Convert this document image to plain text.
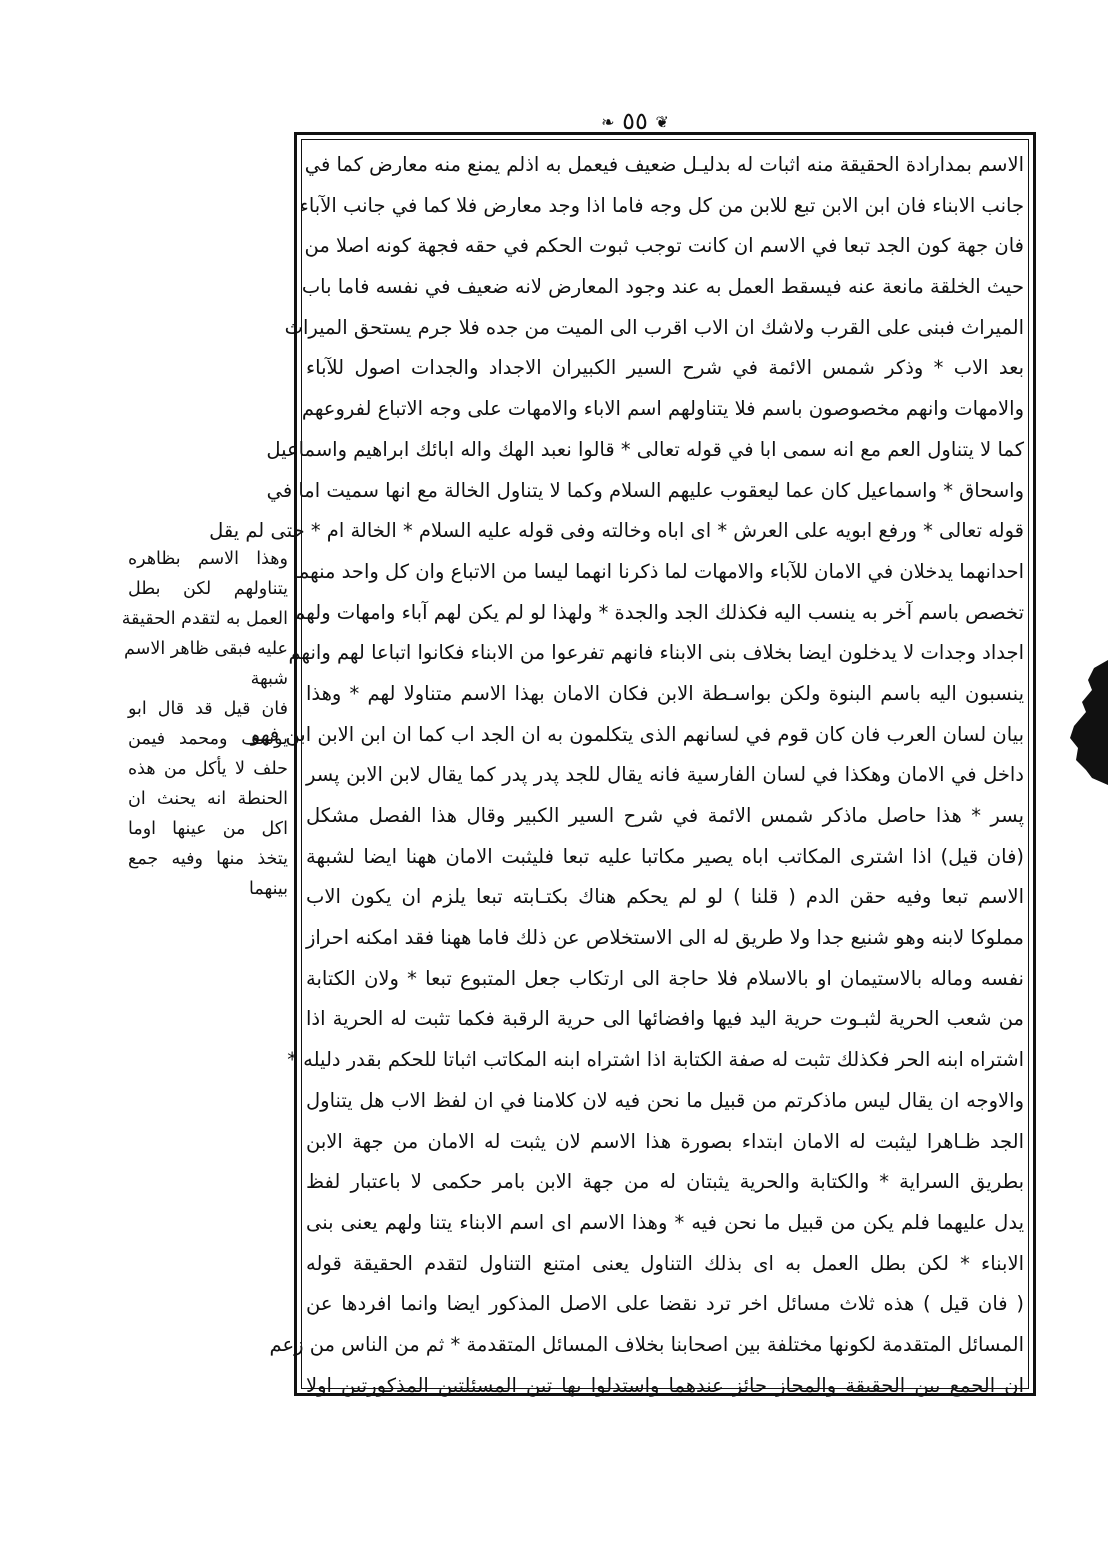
❦ ٥٥ ❧
الاسم بمدارادة الحقيقة منه اثبات له بدليـل ضعيف فيعمل به اذلم يمنع منه معارض كما في
جانب الابناء فان ابن الابن تبع للابن من كل وجه فاما اذا وجد معارض فلا كما في جانب الآباء
فان جهة كون الجد تبعا في الاسم ان كانت توجب ثبوت الحكم في حقه فجهة كونه اصلا من
حيث الخلقة مانعة عنه فيسقط العمل به عند وجود المعارض لانه ضعيف في نفسه فاما باب
الميراث فبنى على القرب ولاشك ان الاب اقرب الى الميت من جده فلا جرم يستحق الميراث
بعد الاب * وذكر شمس الائمة في شرح السير الكبيران الاجداد والجدات اصول للآباء
والامهات وانهم مخصوصون باسم فلا يتناولهم اسم الاباء والامهات على وجه الاتباع لفروعهم
كما لا يتناول العم مع انه سمى ابا في قوله تعالى * قالوا نعبد الهك واله ابائك ابراهيم واسماعيل
واسحاق * واسماعيل كان عما ليعقوب عليهم السلام وكما لا يتناول الخالة مع انها سميت اما في
قوله تعالى * ورفع ابويه على العرش * اى اباه وخالته وفى قوله عليه السلام * الخالة ام * حتى لم يقل
احدانهما يدخلان في الامان للآباء والامهات لما ذكرنا انهما ليسا من الاتباع وان كل واحد منهما
تخصص باسم آخر به ينسب اليه فكذلك الجد والجدة * ولهذا لو لم يكن لهم آباء وامهات ولهم
اجداد وجدات لا يدخلون ايضا بخلاف بنى الابناء فانهم تفرعوا من الابناء فكانوا اتباعا لهم وانهم
ينسبون اليه باسم البنوة ولكن بواسـطة الابن فكان الامان بهذا الاسم متناولا لهم * وهذا
بيان لسان العرب فان كان قوم في لسانهم الذى يتكلمون به ان الجد اب كما ان ابن الابن ابن فهو
داخل في الامان وهكذا في لسان الفارسية فانه يقال للجد پدر پدر كما يقال لابن الابن پسر
پسر * هذا حاصل ماذكر شمس الائمة في شرح السير الكبير وقال هذا الفصل مشكل
(فان قيل) اذا اشترى المكاتب اباه يصير مكاتبا عليه تبعا فليثبت الامان ههنا ايضا لشبهة
الاسم تبعا وفيه حقن الدم ( قلنا ) لو لم يحكم هناك بكتـابته تبعا يلزم ان يكون الاب
مملوكا لابنه وهو شنيع جدا ولا طريق له الى الاستخلاص عن ذلك فاما ههنا فقد امكنه احراز
نفسه وماله بالاستيمان او بالاسلام فلا حاجة الى ارتكاب جعل المتبوع تبعا * ولان الكتابة
من شعب الحرية لثبـوت حرية اليد فيها وافضائها الى حرية الرقبة فكما تثبت له الحرية اذا
اشتراه ابنه الحر فكذلك تثبت له صفة الكتابة اذا اشتراه ابنه المكاتب اثباتا للحكم بقدر دليله *
والاوجه ان يقال ليس ماذكرتم من قبيل ما نحن فيه لان كلامنا في ان لفظ الاب هل يتناول
الجد ظـاهرا ليثبت له الامان ابتداء بصورة هذا الاسم لان يثبت له الامان من جهة الابن
بطريق السراية * والكتابة والحرية يثبتان له من جهة الابن بامر حكمى لا باعتبار لفظ
يدل عليهما فلم يكن من قبيل ما نحن فيه * وهذا الاسم اى اسم الابناء يتنا ولهم يعنى بنى
الابناء * لكن بطل العمل به اى بذلك التناول يعنى امتنع التناول لتقدم الحقيقة قوله
( فان قيل ) هذه ثلاث مسائل اخر ترد نقضا على الاصل المذكور ايضا وانما افردها عن
المسائل المتقدمة لكونها مختلفة بين اصحابنا بخلاف المسائل المتقدمة * ثم من الناس من زعم
ان الجمع بين الحقيقة والمجاز جائز عندهما واستدلوا بها تين المسئلتين المذكورتين اولا
وهذا الاسم بظاهره
يتناولهم لكن بطل
العمل به لتقدم الحقيقة
عليه فبقى ظاهر الاسم
شبهة
فان قيل قد قال ابو
يوسف ومحمد فيمن
حلف لا يأكل من هذه
الحنطة انه يحنث ان
اكل من عينها اوما
يتخذ منها وفيه جمع
بينهما
